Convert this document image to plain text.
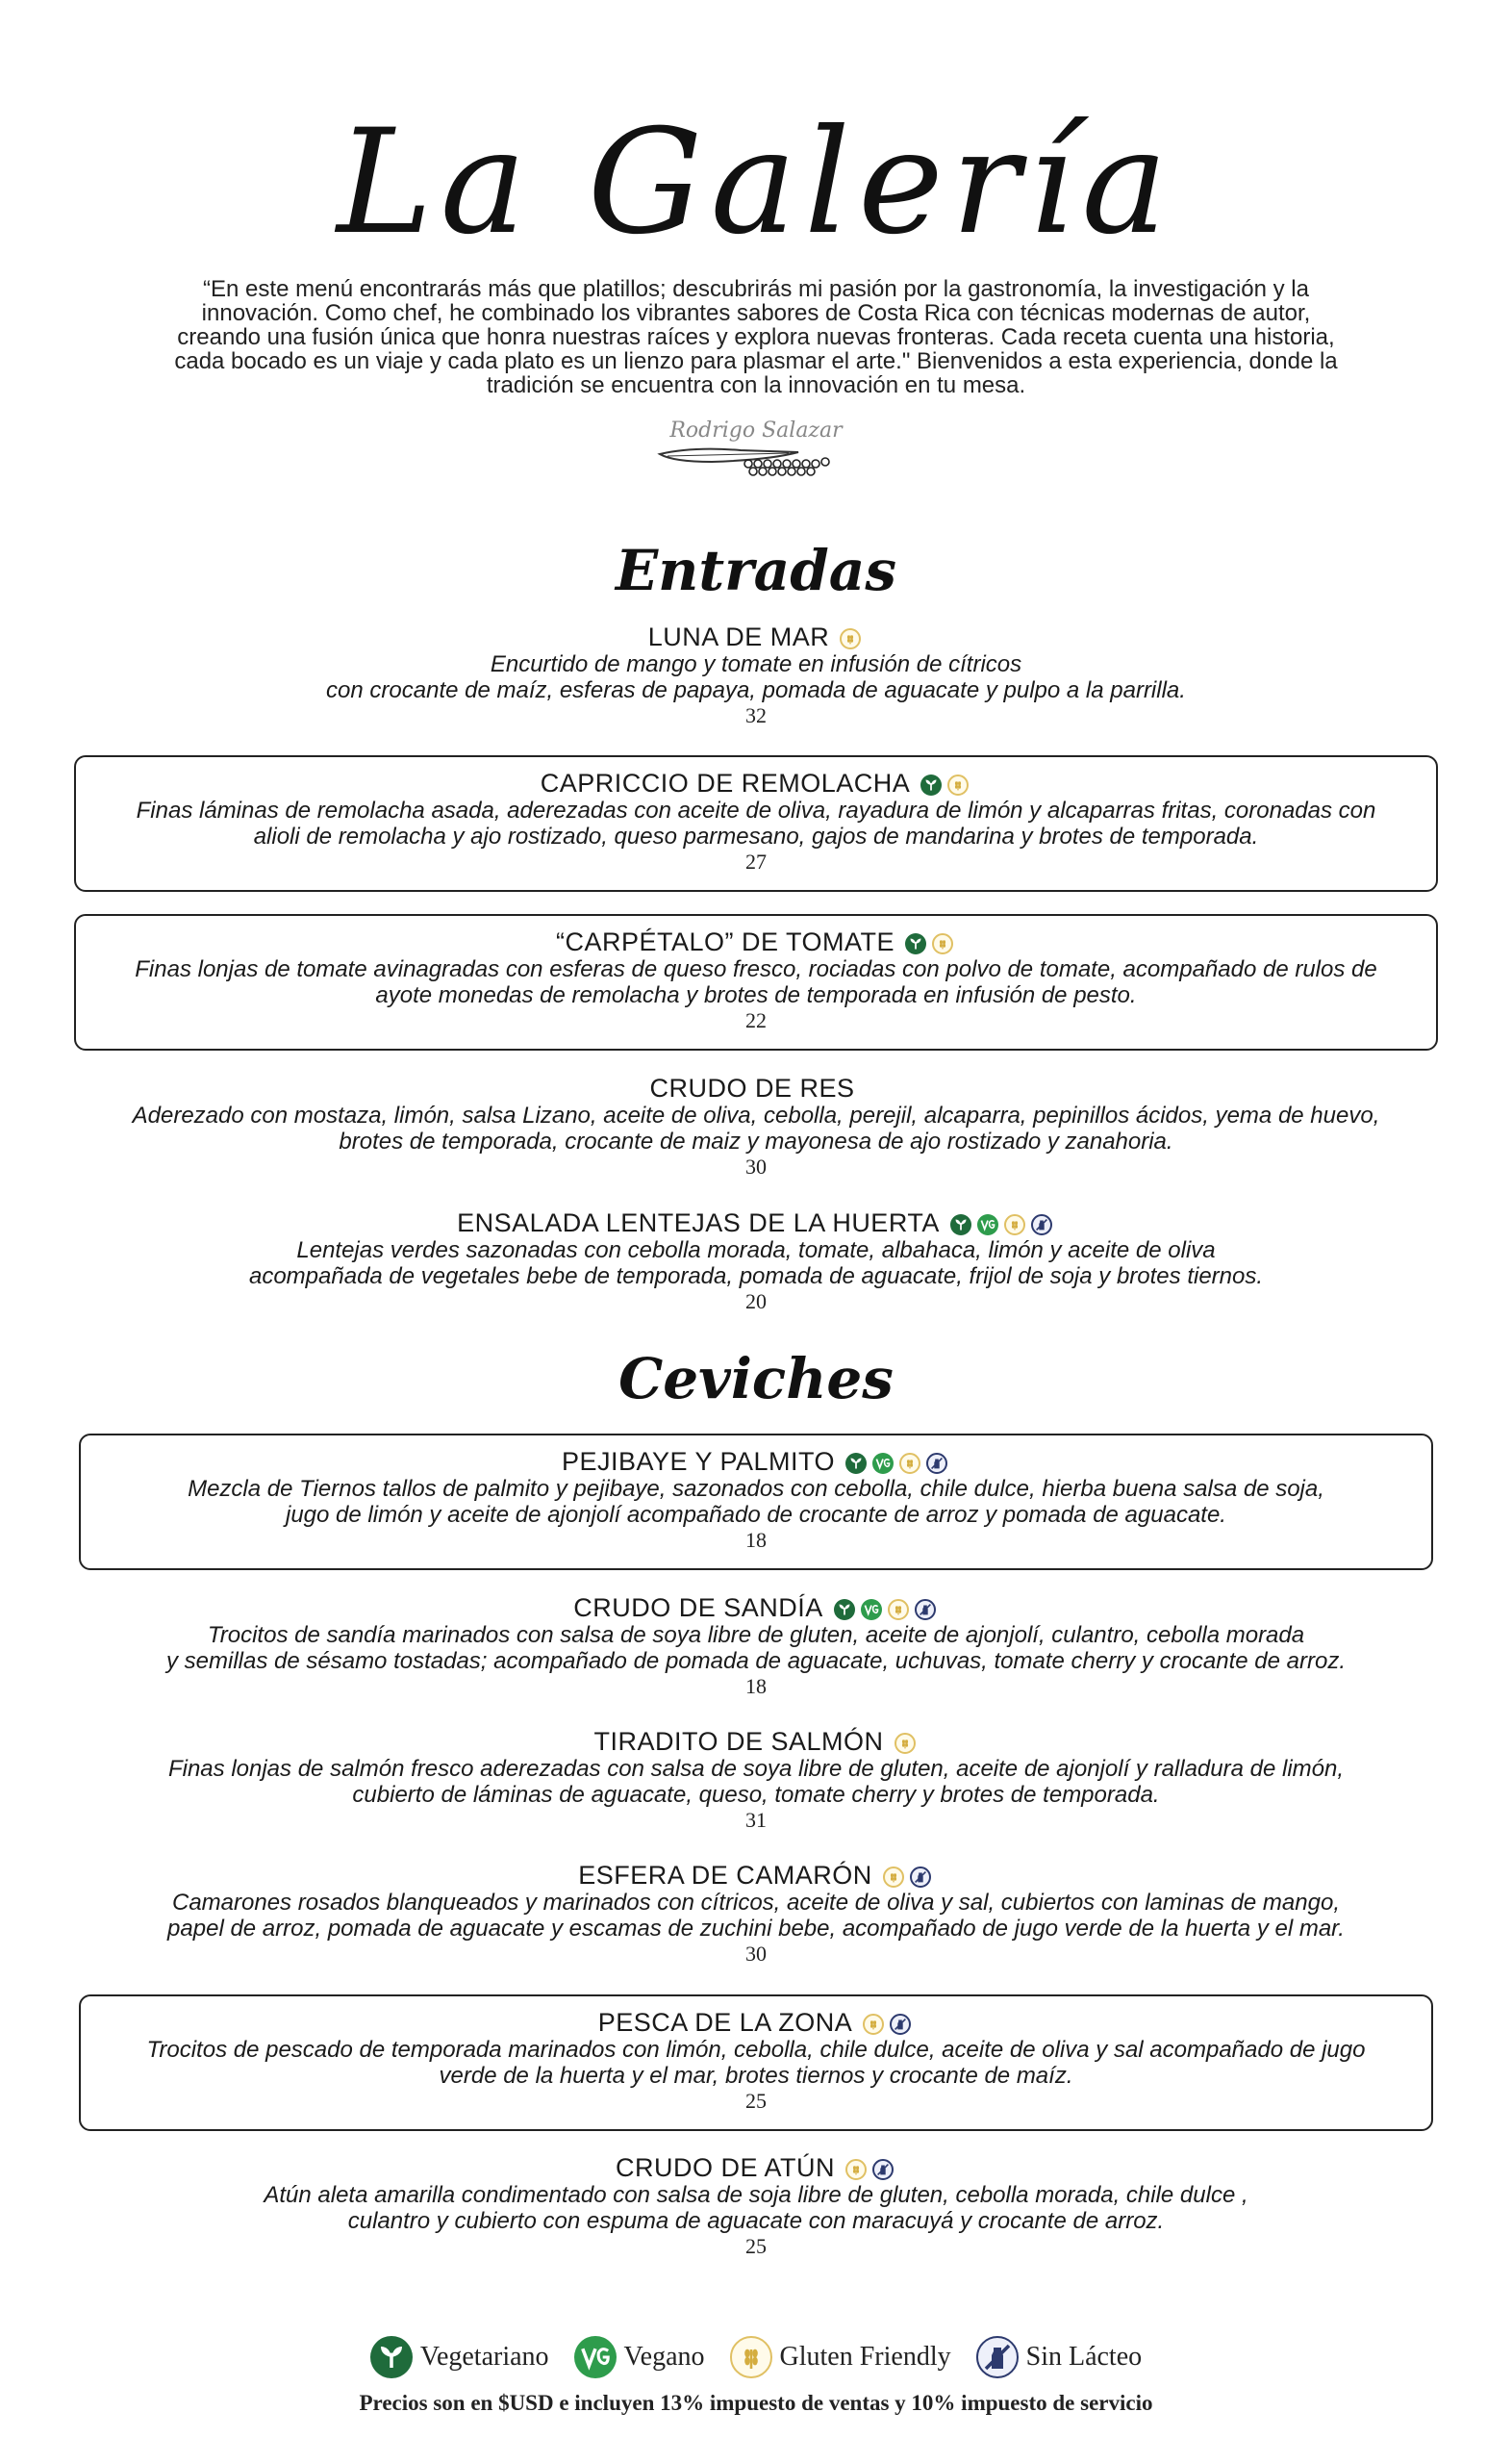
La Galería
“En este menú encontrarás más que platillos; descubrirás mi pasión por la gastronomía, la investigación y la innovación. Como chef, he combinado los vibrantes sabores de Costa Rica con técnicas modernas de autor, creando una fusión única que honra nuestras raíces y explora nuevas fronteras. Cada receta cuenta una historia, cada bocado es un viaje y cada plato es un lienzo para plasmar el arte." Bienvenidos a esta experiencia, donde la tradición se encuentra con la innovación en tu mesa.
Rodrigo Salazar
Entradas
LUNA DE MAR
Encurtido de mango y tomate en infusión de cítricos
con crocante de maíz, esferas de papaya, pomada de aguacate y pulpo a la parrilla.
32
CAPRICCIO DE REMOLACHA
Finas láminas de remolacha asada, aderezadas con aceite de oliva, rayadura de limón y alcaparras fritas, coronadas con
alioli de remolacha y ajo rostizado, queso parmesano, gajos de mandarina y brotes de temporada.
27
“CARPÉTALO” DE TOMATE
Finas lonjas de tomate avinagradas con esferas de queso fresco, rociadas con polvo de tomate, acompañado de rulos de
ayote monedas de remolacha y brotes de temporada en infusión de pesto.
22
CRUDO DE RES
Aderezado con mostaza, limón, salsa Lizano, aceite de oliva, cebolla, perejil, alcaparra, pepinillos ácidos, yema de huevo,
brotes de temporada, crocante de maiz y mayonesa de ajo rostizado y zanahoria.
30
ENSALADA LENTEJAS DE LA HUERTA
Lentejas verdes sazonadas con cebolla morada, tomate, albahaca, limón y aceite de oliva
acompañada de vegetales bebe de temporada, pomada de aguacate, frijol de soja y brotes tiernos.
20
Ceviches
PEJIBAYE Y PALMITO
Mezcla de Tiernos tallos de palmito y pejibaye, sazonados con cebolla, chile dulce, hierba buena salsa de soja,
jugo de limón y aceite de ajonjolí acompañado de crocante de arroz y pomada de aguacate.
18
CRUDO DE SANDÍA
Trocitos de sandía marinados con salsa de soya libre de gluten, aceite de ajonjolí, culantro, cebolla morada
y semillas de sésamo tostadas; acompañado de pomada de aguacate, uchuvas, tomate cherry y crocante de arroz.
18
TIRADITO DE SALMÓN
Finas lonjas de salmón fresco aderezadas con salsa de soya libre de gluten, aceite de ajonjolí y ralladura de limón,
cubierto de láminas de aguacate, queso, tomate cherry y brotes de temporada.
31
ESFERA DE CAMARÓN
Camarones rosados blanqueados y marinados con cítricos, aceite de oliva y sal, cubiertos con laminas de mango,
papel de arroz, pomada de aguacate y escamas de zuchini bebe, acompañado de jugo verde de la huerta y el mar.
30
PESCA DE LA ZONA
Trocitos de pescado de temporada marinados con limón, cebolla, chile dulce, aceite de oliva y sal acompañado de jugo
verde de la huerta y el mar, brotes tiernos y crocante de maíz.
25
CRUDO DE ATÚN
Atún aleta amarilla condimentado con salsa de soja libre de gluten, cebolla morada, chile dulce ,
culantro y cubierto con espuma de aguacate con maracuyá y crocante de arroz.
25
Vegetariano	Vegano	Gluten Friendly	Sin Lácteo
Precios son en $USD e incluyen 13% impuesto de ventas y 10% impuesto de servicio
